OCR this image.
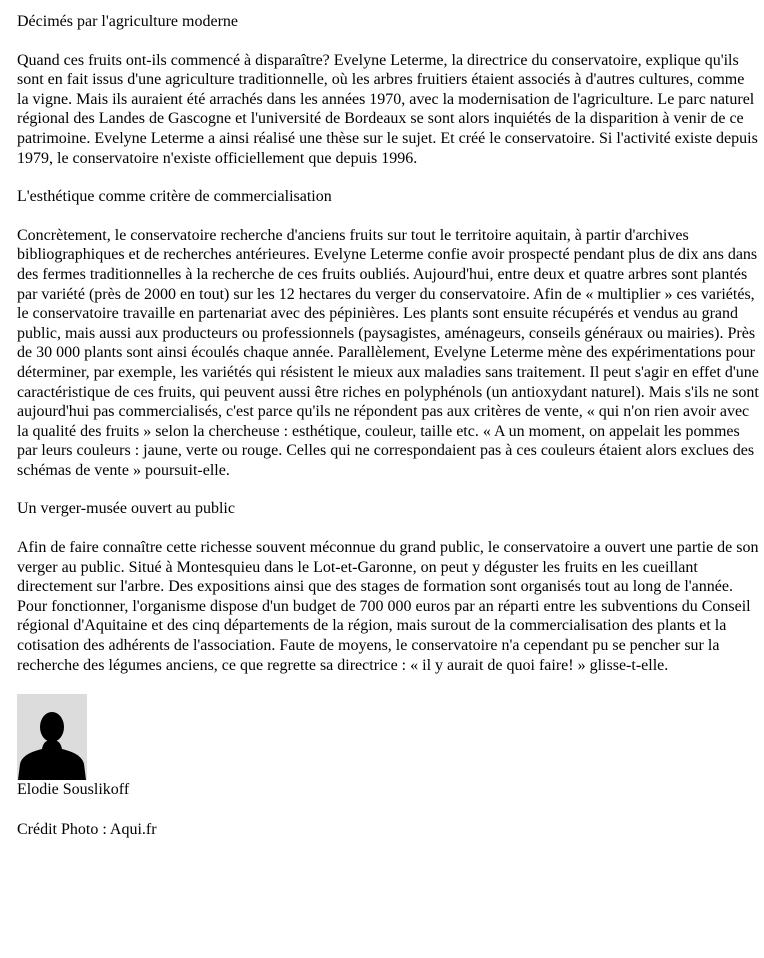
Décimés par l'agriculture moderne

Quand ces fruits ont-ils commencé à disparaître? Evelyne Leterme, la directrice du conservatoire, explique qu'ils sont en fait issus d'une agriculture traditionnelle, où les arbres fruitiers étaient associés à d'autres cultures, comme la vigne. Mais ils auraient été arrachés dans les années 1970, avec la modernisation de l'agriculture. Le parc naturel régional des Landes de Gascogne et l'université de Bordeaux se sont alors inquiétés de la disparition à venir de ce patrimoine. Evelyne Leterme a ainsi réalisé une thèse sur le sujet. Et créé le conservatoire. Si l'activité existe depuis 1979, le conservatoire n'existe officiellement que depuis 1996.

L'esthétique comme critère de commercialisation

Concrètement, le conservatoire recherche d'anciens fruits sur tout le territoire aquitain, à partir d'archives bibliographiques et de recherches antérieures. Evelyne Leterme confie avoir prospecté pendant plus de dix ans dans des fermes traditionnelles à la recherche de ces fruits oubliés. Aujourd'hui, entre deux et quatre arbres sont plantés par variété (près de 2000 en tout) sur les 12 hectares du verger du conservatoire. Afin de « multiplier » ces variétés, le conservatoire travaille en partenariat avec des pépinières. Les plants sont ensuite récupérés et vendus au grand public, mais aussi aux producteurs ou professionnels (paysagistes, aménageurs, conseils généraux ou mairies). Près de 30 000 plants sont ainsi écoulés chaque année. Parallèlement, Evelyne Leterme mène des expérimentations pour déterminer, par exemple, les variétés qui résistent le mieux aux maladies sans traitement. Il peut s'agir en effet d'une caractéristique de ces fruits, qui peuvent aussi être riches en polyphénols (un antioxydant naturel). Mais s'ils ne sont aujourd'hui pas commercialisés, c'est parce qu'ils ne répondent pas aux critères de vente, « qui n'on rien avoir avec la qualité des fruits » selon la chercheuse : esthétique, couleur, taille etc. « A un moment, on appelait les pommes par leurs couleurs : jaune, verte ou rouge. Celles qui ne correspondaient pas à ces couleurs étaient alors exclues des schémas de vente » poursuit-elle.

Un verger-musée ouvert au public

Afin de faire connaître cette richesse souvent méconnue du grand public, le conservatoire a ouvert une partie de son verger au public. Situé à Montesquieu dans le Lot-et-Garonne, on peut y déguster les fruits en les cueillant directement sur l'arbre. Des expositions ainsi que des stages de formation sont organisés tout au long de l'année. Pour fonctionner, l'organisme dispose d'un budget de 700 000 euros par an réparti entre les subventions du Conseil régional d'Aquitaine et des cinq départements de la région, mais surout de la commercialisation des plants et la cotisation des adhérents de l'association. Faute de moyens, le conservatoire n'a cependant pu se pencher sur la recherche des légumes anciens, ce que regrette sa directrice : « il y aurait de quoi faire! » glisse-t-elle.

Elodie Souslikoff

Crédit Photo : Aqui.fr
